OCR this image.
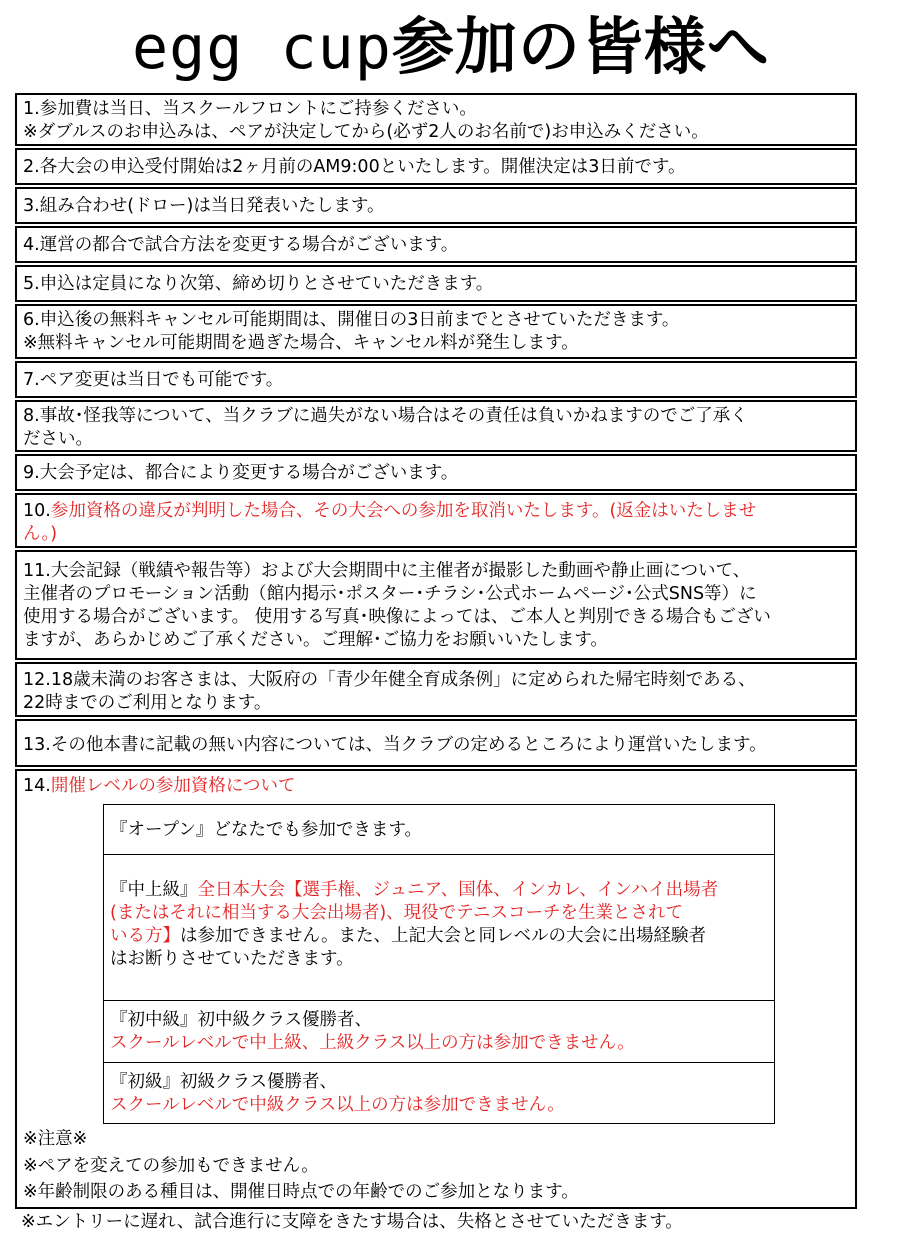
egg cup参加の皆様へ
1.参加費は当日、当スクールフロントにご持参ください。
※ダブルスのお申込みは、ペアが決定してから(必ず2人のお名前で)お申込みください。
2.各大会の申込受付開始は2ヶ月前のAM9:00といたします。開催決定は3日前です。
3.組み合わせ(ドロー)は当日発表いたします。
4.運営の都合で試合方法を変更する場合がございます。
5.申込は定員になり次第、締め切りとさせていただきます。
6.申込後の無料キャンセル可能期間は、開催日の3日前までとさせていただきます。
※無料キャンセル可能期間を過ぎた場合、キャンセル料が発生します。
7.ペア変更は当日でも可能です。
8.事故･怪我等について、当クラブに過失がない場合はその責任は負いかねますのでご了承く
ださい。
9.大会予定は、都合により変更する場合がございます。
10.参加資格の違反が判明した場合、その大会への参加を取消いたします。(返金はいたしませ
ん。)
11.大会記録（戦績や報告等）および大会期間中に主催者が撮影した動画や静止画について、
主催者のプロモーション活動（館内掲示･ポスター･チラシ･公式ホームページ･公式SNS等）に
使用する場合がございます。 使用する写真･映像によっては、ご本人と判別できる場合もござい
ますが、あらかじめご了承ください。ご理解･ご協力をお願いいたします。
12.18歳未満のお客さまは、大阪府の「青少年健全育成条例」に定められた帰宅時刻である、
22時までのご利用となります。
13.その他本書に記載の無い内容については、当クラブの定めるところにより運営いたします。
14.開催レベルの参加資格について
『オープン』どなたでも参加できます。
『中上級』全日本大会【選手権、ジュニア、国体、インカレ、インハイ出場者
(またはそれに相当する大会出場者)、現役でテニスコーチを生業とされて
いる方】は参加できません。また、上記大会と同レベルの大会に出場経験者
はお断りさせていただきます。
『初中級』初中級クラス優勝者、
スクールレベルで中上級、上級クラス以上の方は参加できません。
『初級』初級クラス優勝者、
スクールレベルで中級クラス以上の方は参加できません。
※注意※
※ペアを変えての参加もできません。
※年齢制限のある種目は、開催日時点での年齢でのご参加となります。
※エントリーに遅れ、試合進行に支障をきたす場合は、失格とさせていただきます。
